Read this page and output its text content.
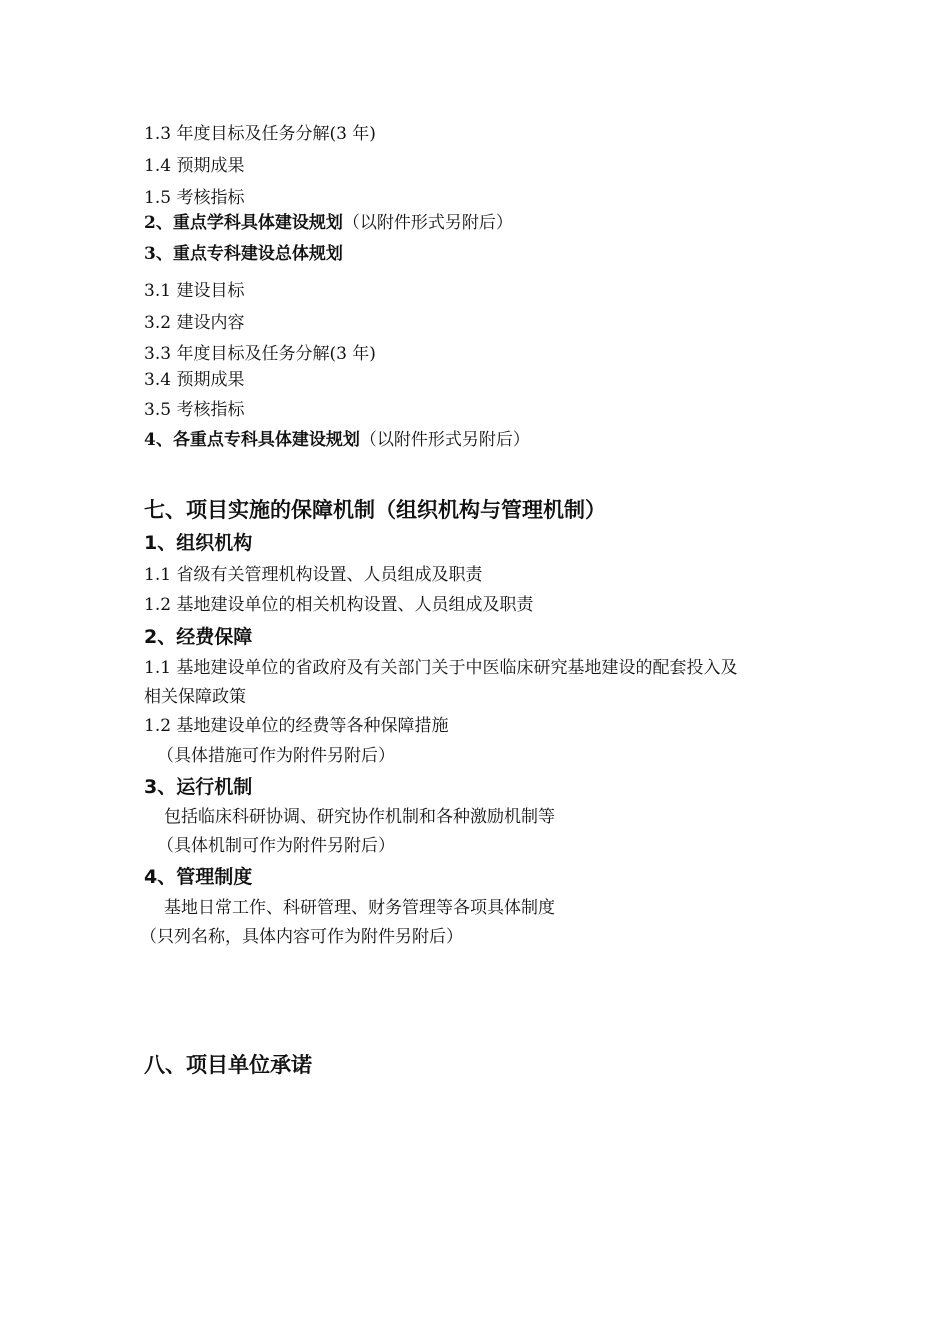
1.3 年度目标及任务分解(3 年)
1.4 预期成果
1.5 考核指标
2、重点学科具体建设规划（以附件形式另附后）
3、重点专科建设总体规划
3.1 建设目标
3.2 建设内容
3.3 年度目标及任务分解(3 年)
3.4 预期成果
3.5 考核指标
4、各重点专科具体建设规划（以附件形式另附后）
七、项目实施的保障机制（组织机构与管理机制）
1、组织机构
1.1 省级有关管理机构设置、人员组成及职责
1.2 基地建设单位的相关机构设置、人员组成及职责
2、经费保障
1.1 基地建设单位的省政府及有关部门关于中医临床研究基地建设的配套投入及
相关保障政策
1.2 基地建设单位的经费等各种保障措施
（具体措施可作为附件另附后）
3、运行机制
包括临床科研协调、研究协作机制和各种激励机制等
（具体机制可作为附件另附后）
4、管理制度
基地日常工作、科研管理、财务管理等各项具体制度
（只列名称，具体内容可作为附件另附后）
八、项目单位承诺
